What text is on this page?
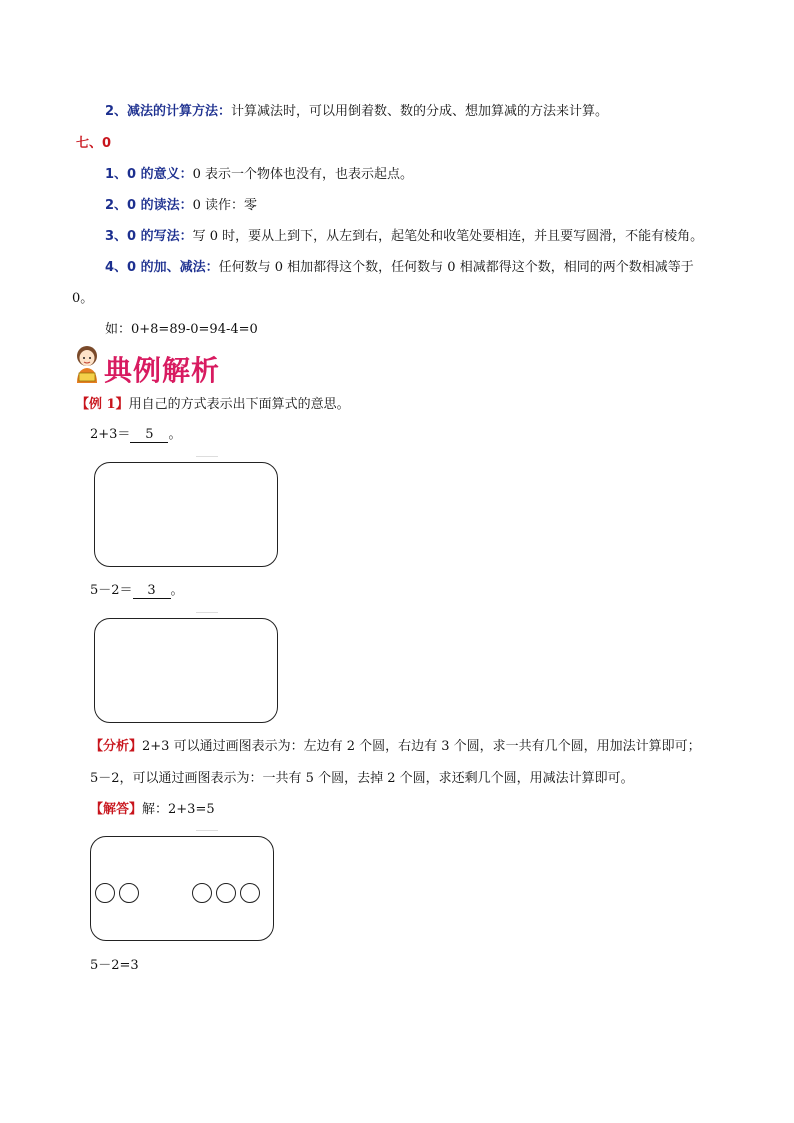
2、减法的计算方法：计算减法时，可以用倒着数、数的分成、想加算减的方法来计算。
七、0
1、0 的意义：0 表示一个物体也没有，也表示起点。
2、0 的读法：0 读作：零
3、0 的写法：写 0 时，要从上到下，从左到右，起笔处和收笔处要相连，并且要写圆滑，不能有棱角。
4、0 的加、减法：任何数与 0 相加都得这个数，任何数与 0 相减都得这个数，相同的两个数相减等于
0。
如：0+8=89-0=94-4=0
典例解析
【例 1】用自己的方式表示出下面算式的意思。
2+3＝ 5 。
5－2＝ 3 。
【分析】2+3 可以通过画图表示为：左边有 2 个圆，右边有 3 个圆，求一共有几个圆，用加法计算即可；
5－2，可以通过画图表示为：一共有 5 个圆，去掉 2 个圆，求还剩几个圆，用减法计算即可。
【解答】解：2+3=5
5－2=3
